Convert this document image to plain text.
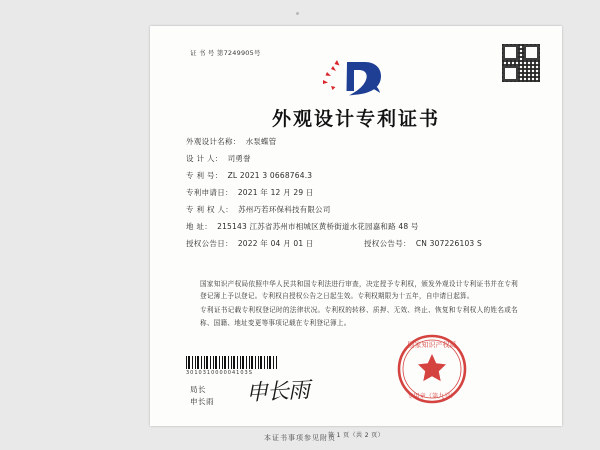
证 书 号 第7249905号
外观设计专利证书
外观设计名称： 水泵蝶管
设 计 人： 司勇誉
专 利 号： ZL 2021 3 0668764.3
专利申请日： 2021 年 12 月 29 日
专 利 权 人： 苏州巧若环保科技有限公司
地 址： 215143 江苏省苏州市相城区黄桥街道水花园嘉和路 48 号
授权公告日： 2022 年 04 月 01 日	授权公告号： CN 307226103 S

国家知识产权局依照中华人民共和国专利法进行审查，决定授予专利权，颁发外观设计专利证书并在专利登记簿上予以登记。专利权自授权公告之日起生效。专利权期限为十五年，自申请日起算。

专利证书记载专利权登记时的法律状况。专利权的转移、质押、无效、终止、恢复和专利权人的姓名或名称、国籍、地址变更等事项记载在专利登记簿上。

301031000004103S
国家知识产权局
专用章（第九号）
局长
申长雨 申长雨
第 1 页（共 2 页）
本证书事项参见附页
